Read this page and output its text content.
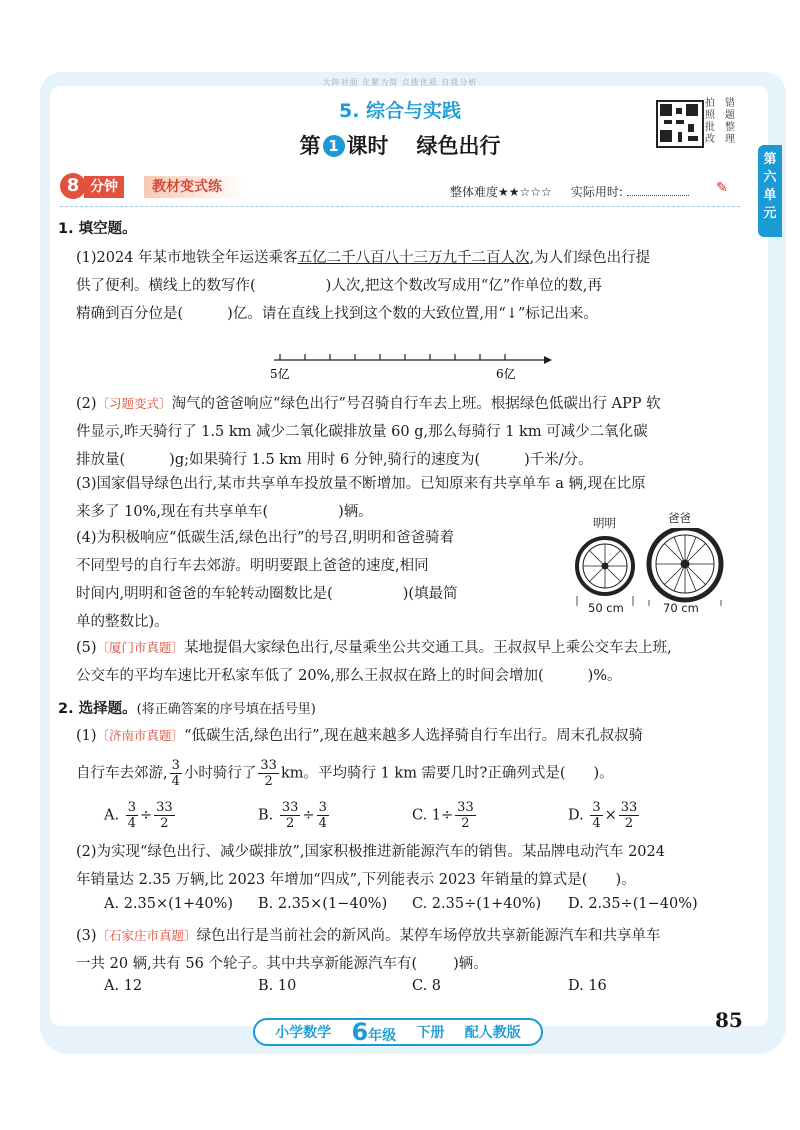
大阵对面 化繁为简 点拨优质 自我分析
5. 综合与实践
第 1 课时 绿色出行
拍	错
照	题
批	整
改	理
第六单元
8 分钟	教材变式练	整体难度★★☆☆☆ 实际用时:	✎
1. 填空题。
(1)2024 年某市地铁全年运送乘客五亿二千八百八十三万九千二百人次,为人们绿色出行提
供了便利。横线上的数写作(	)人次,把这个数改写成用“亿”作单位的数,再
精确到百分位是(	)亿。请在直线上找到这个数的大致位置,用“↓”标记出来。
5亿	6亿
(2)〔习题变式〕淘气的爸爸响应“绿色出行”号召骑自行车去上班。根据绿色低碳出行 APP 软
件显示,昨天骑行了 1.5 km 减少二氧化碳排放量 60 g,那么每骑行 1 km 可减少二氧化碳
排放量(	)g;如果骑行 1.5 km 用时 6 分钟,骑行的速度为(	)千米/分。
(3)国家倡导绿色出行,某市共享单车投放量不断增加。已知原来有共享单车 a 辆,现在比原
来多了 10%,现在有共享单车(	)辆。
(4)为积极响应“低碳生活,绿色出行”的号召,明明和爸爸骑着
不同型号的自行车去郊游。明明要跟上爸爸的速度,相同
时间内,明明和爸爸的车轮转动圈数比是(	)(填最简
单的整数比)。
明明	爸爸
50 cm	70 cm
(5)〔厦门市真题〕某地提倡大家绿色出行,尽量乘坐公共交通工具。王叔叔早上乘公交车去上班,
公交车的平均车速比开私家车低了 20%,那么王叔叔在路上的时间会增加(	)%。
2. 选择题。(将正确答案的序号填在括号里)
(1)〔济南市真题〕“低碳生活,绿色出行”,现在越来越多人选择骑自行车出行。周末孔叔叔骑
自行车去郊游, $\frac{3}{4}$ 小时骑行了 $\frac{33}{2}$ km。平均骑行 1 km 需要几时?正确列式是( )。
A. $\frac{3}{4} \div \frac{33}{2}$	B. $\frac{33}{2} \div \frac{3}{4}$	C. $1\div \frac{33}{2}$	D. $\frac{3}{4} \times \frac{33}{2}$
(2)为实现“绿色出行、减少碳排放”,国家积极推进新能源汽车的销售。某品牌电动汽车 2024
年销量达 2.35 万辆,比 2023 年增加“四成”,下列能表示 2023 年销量的算式是( )。
A. 2.35×(1+40%) B. 2.35×(1−40%) C. 2.35÷(1+40%) D. 2.35÷(1−40%)
(3)〔石家庄市真题〕绿色出行是当前社会的新风尚。某停车场停放共享新能源汽车和共享单车
一共 20 辆,共有 56 个轮子。其中共享新能源汽车有( )辆。
A. 12	B. 10	C. 8	D. 16
85
小学数学 6年级 下册 配人教版
